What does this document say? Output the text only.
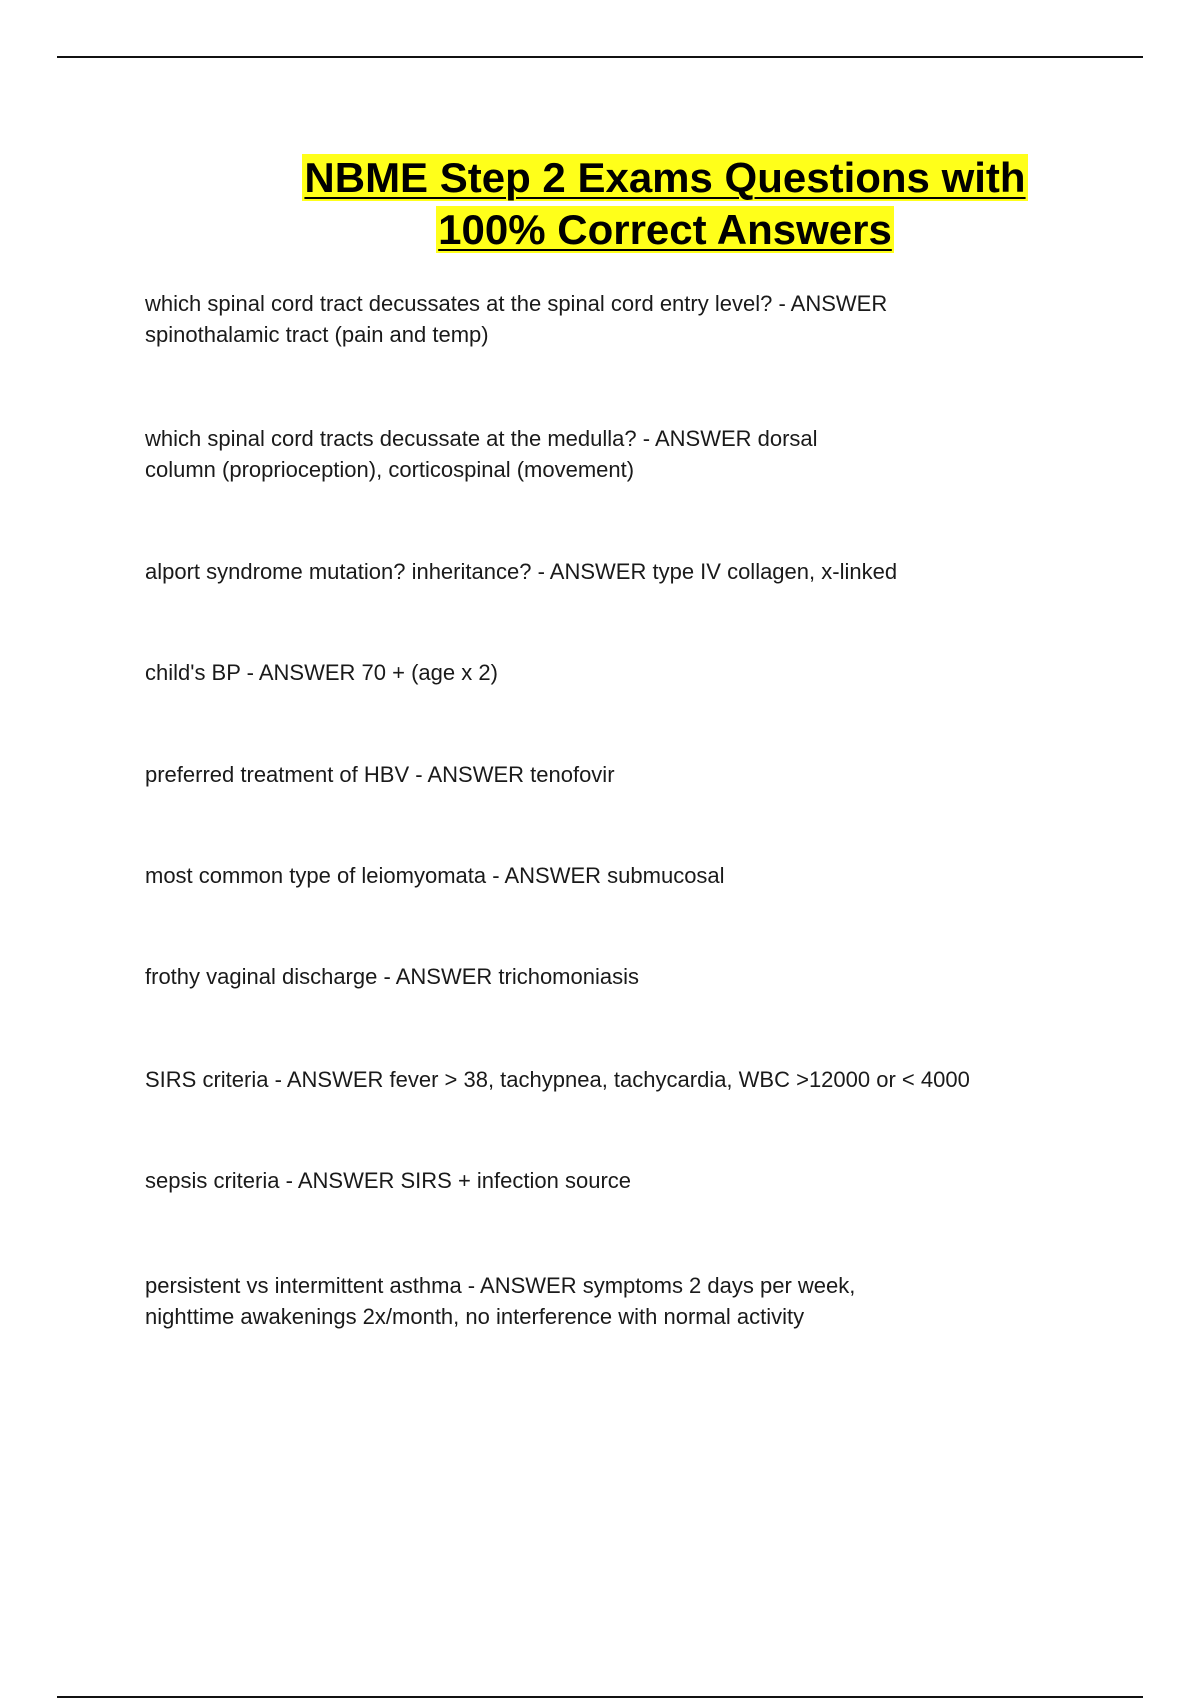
NBME Step 2 Exams Questions with
100% Correct Answers

which spinal cord tract decussates at the spinal cord entry level? - ANSWER
spinothalamic tract (pain and temp)

which spinal cord tracts decussate at the medulla? - ANSWER dorsal
column (proprioception), corticospinal (movement)

alport syndrome mutation? inheritance? - ANSWER type IV collagen, x-linked

child's BP - ANSWER 70 + (age x 2)

preferred treatment of HBV - ANSWER tenofovir

most common type of leiomyomata - ANSWER submucosal

frothy vaginal discharge - ANSWER trichomoniasis

SIRS criteria - ANSWER fever > 38, tachypnea, tachycardia, WBC >12000 or < 4000

sepsis criteria - ANSWER SIRS + infection source

persistent vs intermittent asthma - ANSWER symptoms 2 days per week,
nighttime awakenings 2x/month, no interference with normal activity
